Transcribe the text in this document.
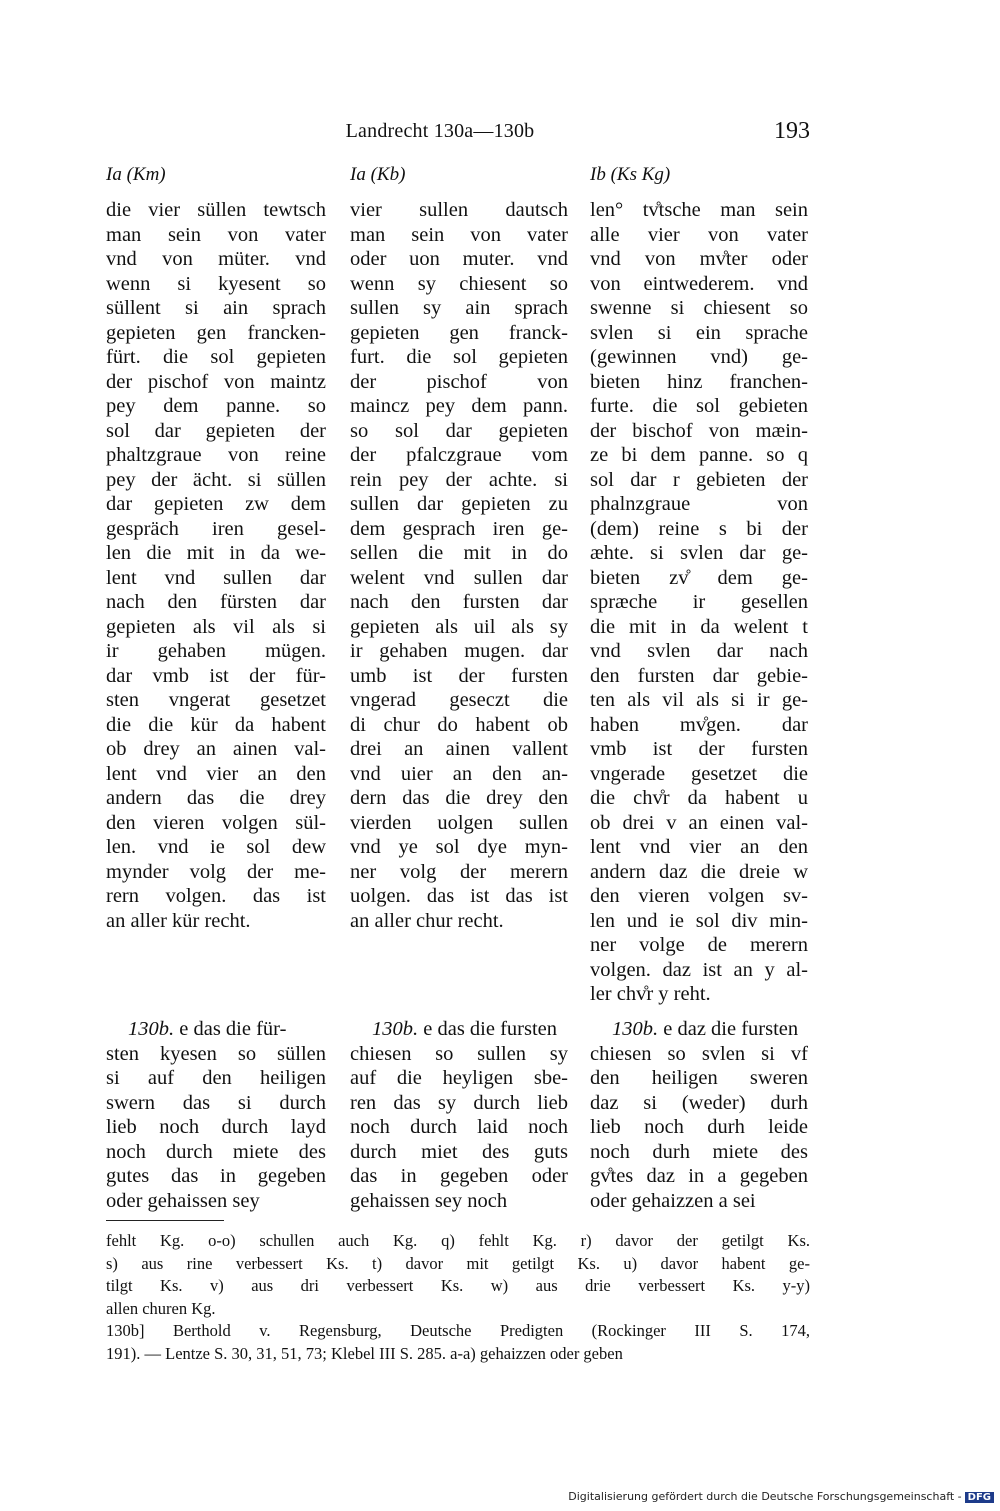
Landrecht 130a—130b	193
Ia (Km)
die vier süllen tewtsch
man sein von vater
vnd von müter. vnd
wenn si kyesent so
süllent si ain sprach
gepieten gen francken-
fürt. die sol gepieten
der pischof von maintz
pey dem panne. so
sol dar gepieten der
phaltzgraue von reine
pey der ächt. si süllen
dar gepieten zw dem
gespräch iren gesel-
len die mit in da we-
lent vnd sullen dar
nach den fürsten dar
gepieten als vil als si
ir gehaben mügen.
dar vmb ist der für-
sten vngerat gesetzet
die die kür da habent
ob drey an ainen val-
lent vnd vier an den
andern das die drey
den vieren volgen sül-
len. vnd ie sol dew
mynder volg der me-
rern volgen. das ist
an aller kür recht.
Ia (Kb)
vier sullen dautsch
man sein von vater
oder uon muter. vnd
wenn sy chiesent so
sullen sy ain sprach
gepieten gen franck-
furt. die sol gepieten
der pischof von
maincz pey dem pann.
so sol dar gepieten
der pfalczgraue vom
rein pey der achte. si
sullen dar gepieten zu
dem gesprach iren ge-
sellen die mit in do
welent vnd sullen dar
nach den fursten dar
gepieten als uil als sy
ir gehaben mugen. dar
umb ist der fursten
vngerad geseczt die
di chur do habent ob
drei an ainen vallent
vnd uier an den an-
dern das die drey den
vierden uolgen sullen
vnd ye sol dye myn-
ner volg der merern
uolgen. das ist das ist
an aller chur recht.
Ib (Ks Kg)
len° tv̊tsche man sein
alle vier von vater
vnd von mv̊ter oder
von eintwederem. vnd
swenne si chiesent so
svlen si ein sprache
(gewinnen vnd) ge-
bieten hinz franchen-
furte. die sol gebieten
der bischof von mæin-
ze bi dem panne. so q
sol dar r gebieten der
phalnzgraue von
(dem) reine s bi der
æhte. si svlen dar ge-
bieten zv̊ dem ge-
spræche ir gesellen
die mit in da welent t
vnd svlen dar nach
den fursten dar gebie-
ten als vil als si ir ge-
haben mv̊gen. dar
vmb ist der fursten
vngerade gesetzet die
die chv̊r da habent u
ob drei v an einen val-
lent vnd vier an den
andern daz die dreie w
den vieren volgen sv-
len und ie sol div min-
ner volge de merern
volgen. daz ist an y al-
ler chv̊r y reht.
130b. e das die für-
sten kyesen so süllen
si auf den heiligen
swern das si durch
lieb noch durch layd
noch durch miete des
gutes das in gegeben
oder gehaissen sey
130b. e das die fursten
chiesen so sullen sy
auf die heyligen sbe-
ren das sy durch lieb
noch durch laid noch
durch miet des guts
das in gegeben oder
gehaissen sey noch
130b. e daz die fursten
chiesen so svlen si vf
den heiligen sweren
daz si (weder) durh
lieb noch durh leide
noch durh miete des
gv̊tes daz in a gegeben
oder gehaizzen a sei
fehlt Kg. o-o) schullen auch Kg. q) fehlt Kg. r) davor der getilgt Ks.
s) aus rine verbessert Ks. t) davor mit getilgt Ks. u) davor habent ge-
tilgt Ks. v) aus dri verbessert Ks. w) aus drie verbessert Ks. y-y)
allen churen Kg.
130b] Berthold v. Regensburg, Deutsche Predigten (Rockinger III S. 174,
191). — Lentze S. 30, 31, 51, 73; Klebel III S. 285. a-a) gehaizzen oder geben
Digitalisierung gefördert durch die Deutsche Forschungsgemeinschaft - DFG
